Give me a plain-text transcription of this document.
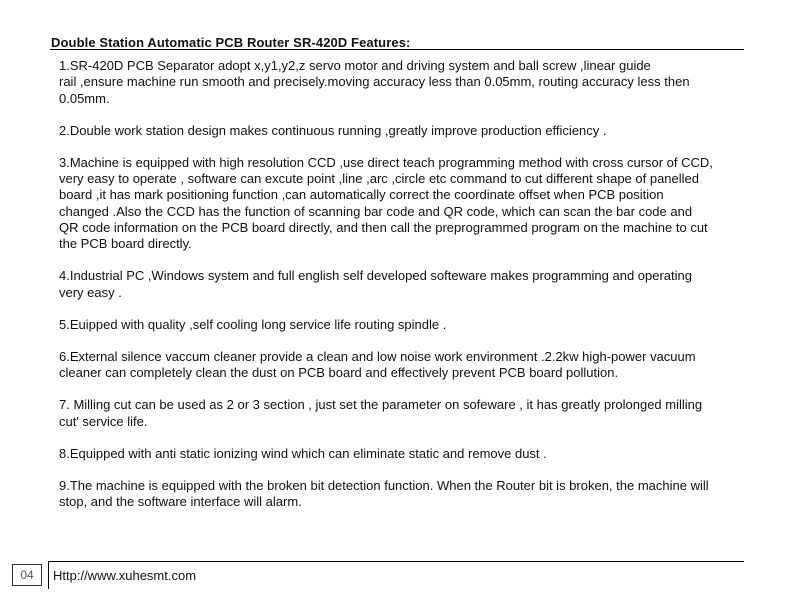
Double Station Automatic PCB Router SR-420D Features:
1.SR-420D PCB Separator adopt x,y1,y2,z servo motor and driving system and ball screw ,linear guide
rail ,ensure machine run smooth and precisely.moving accuracy less than 0.05mm, routing accuracy less then
0.05mm.
2.Double work station design makes continuous running ,greatly improve production efficiency .
3.Machine is equipped with high resolution CCD ,use direct teach programming method with cross cursor of CCD,
very easy to operate , software can excute point ,line ,arc ,circle etc command to cut different shape of panelled
board ,it has mark positioning function ,can automatically correct the coordinate offset when PCB position
changed .Also the CCD has the function of scanning bar code and QR code, which can scan the bar code and
QR code information on the PCB board directly, and then call the preprogrammed program on the machine to cut
the PCB board directly.
4.Industrial PC ,Windows system and full english self developed softeware makes programming and operating
very easy .
5.Euipped with quality ,self cooling long service life routing spindle .
6.External silence vaccum cleaner provide a clean and low noise work environment .2.2kw high-power vacuum
cleaner can completely clean the dust on PCB board and effectively prevent PCB board pollution.
7. Milling cut can be used as 2 or 3 section , just set the parameter on sofeware , it has greatly prolonged milling
cut' service life.
8.Equipped with anti static ionizing wind which can eliminate static and remove dust .
9.The machine is equipped with the broken bit detection function. When the Router bit is broken, the machine will
stop, and the software interface will alarm.
04 Http://www.xuhesmt.com
